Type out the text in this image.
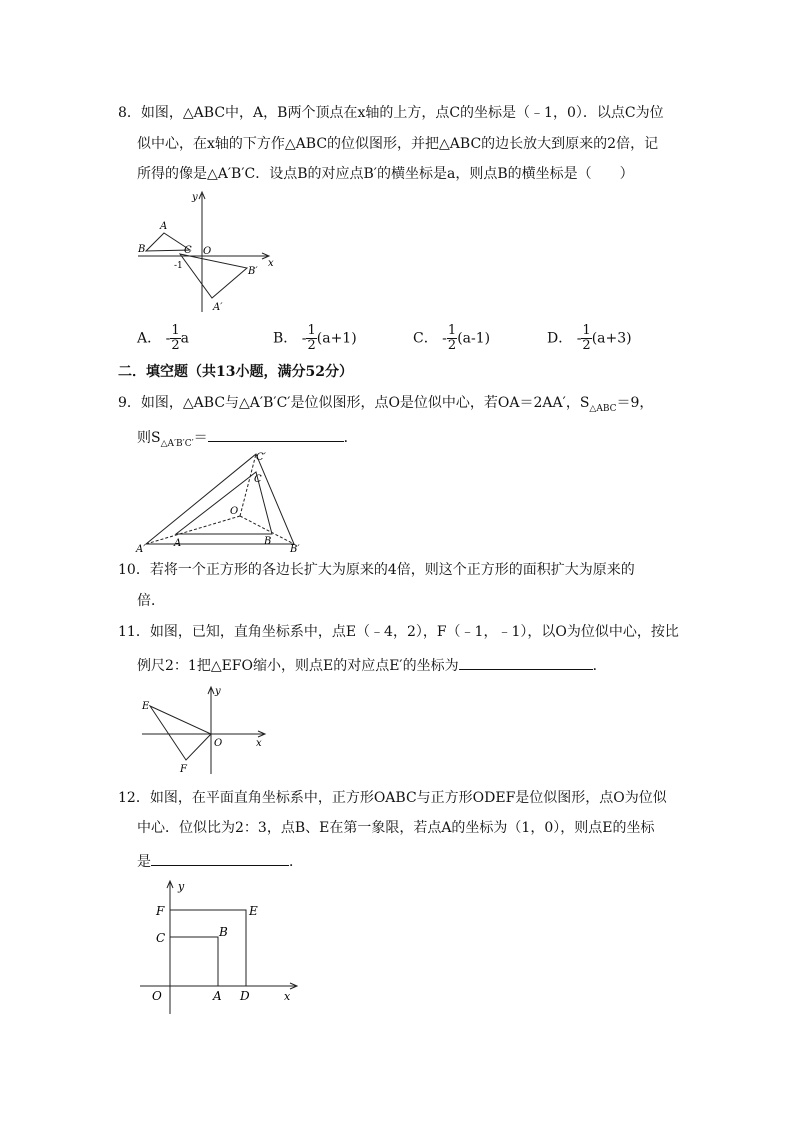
8．如图，△ABC中，A，B两个顶点在x轴的上方，点C的坐标是（﹣1，0）．以点C为位
似中心，在x轴的下方作△ABC的位似图形，并把△ABC的边长放大到原来的2倍，记
所得的像是△A′B′C．设点B的对应点B′的横坐标是a，则点B的横坐标是（　　）
A
B	C O
-1	B′
A′
y
x
A． - $\frac{1}{2}$ a	B． - $\frac{1}{2} (a+1)$	C． - $\frac{1}{2} (a-1)$	D． - $\frac{1}{2} (a+3)$
二．填空题（共13小题，满分52分）
9．如图，△ABC与△A′B′C′是位似图形，点O是位似中心，若OA＝2AA′，$S_{\triangle ABC}=9$，
则$S_{\triangle A'B'C'}=$	．
C′
C
O
A′
A	B
B′
10．若将一个正方形的各边长扩大为原来的4倍，则这个正方形的面积扩大为原来的
倍．
11．如图，已知，直角坐标系中，点E（﹣4，2），F（﹣1，﹣1），以O为位似中心，按比
例尺2：1把△EFO缩小，则点E的对应点E′的坐标为	．
y
E
O	x
F
12．如图，在平面直角坐标系中，正方形OABC与正方形ODEF是位似图形，点O为位似
中心．位似比为2：3，点B、E在第一象限，若点A的坐标为（1，0），则点E的坐标
是	．
y
F	E
C	B
O	A D	x
